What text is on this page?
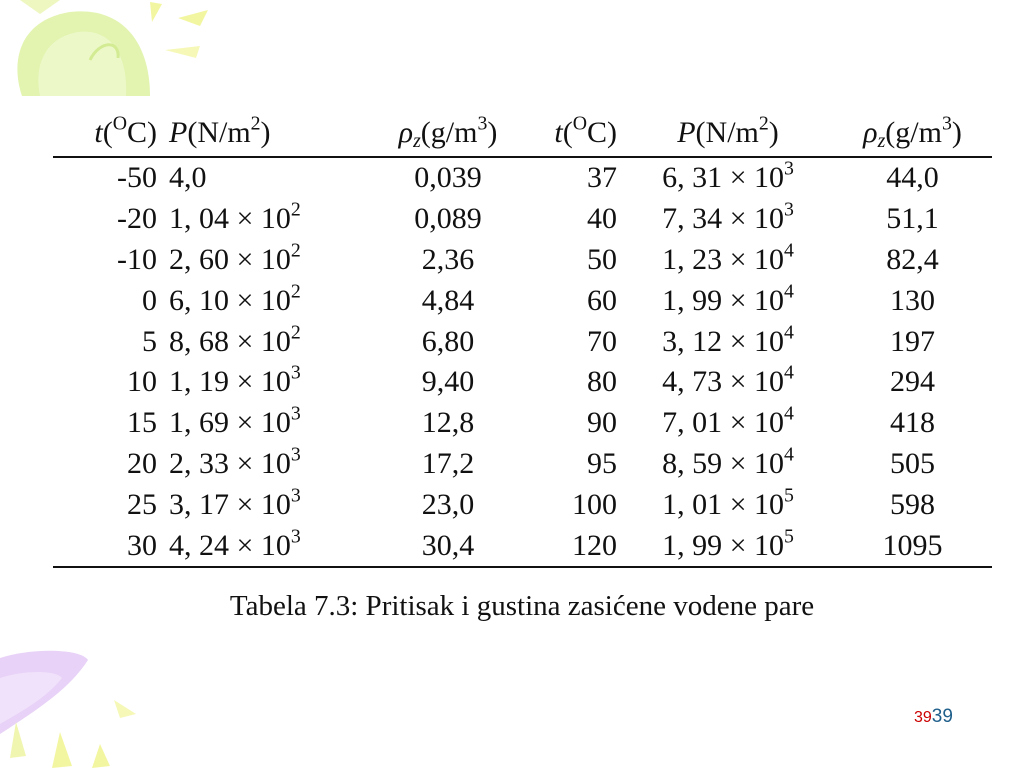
t($^O$C)	$P(N/m^2)$	$\rho_z(g/m^3)$	t($^O$C)	$P(N/m^2)$	$\rho_z(g/m^3)$
-50	4,0	0,039	37	6, $31 \times 10^3$	44,0
-20	1, $04 \times 10^2$	0,089	40	7, $34 \times 10^3$	51,1
-10	2, $60 \times 10^2$	2,36	50	1, $23 \times 10^4$	82,4
0	6, $10 \times 10^2$	4,84	60	1, $99 \times 10^4$	130
5	8, $68 \times 10^2$	6,80	70	3, $12 \times 10^4$	197
10	1, $19 \times 10^3$	9,40	80	4, $73 \times 10^4$	294
15	1, $69 \times 10^3$	12,8	90	7, $01 \times 10^4$	418
20	2, $33 \times 10^3$	17,2	95	8, $59 \times 10^4$	505
25	3, $17 \times 10^3$	23,0	100	1, $01 \times 10^5$	598
30	4, $24 \times 10^3$	30,4	120	1, $99 \times 10^5$	1095
Tabela 7.3: Pritisak i gustina zasićene vodene pare
3939
